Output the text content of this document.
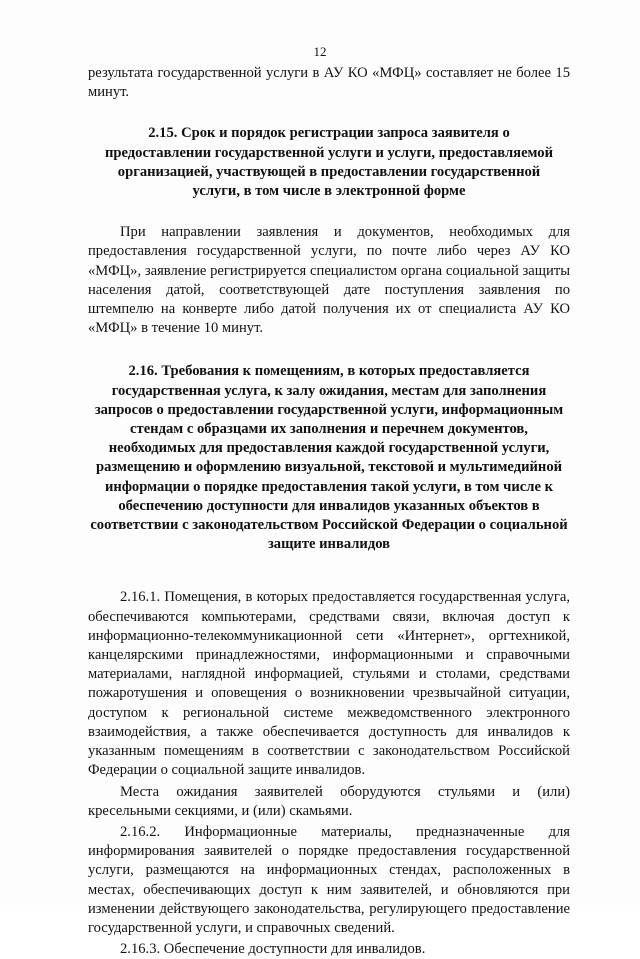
12

результата государственной услуги в АУ КО «МФЦ» составляет не более 15 минут.

2.15. Срок и порядок регистрации запроса заявителя о предоставлении государственной услуги и услуги, предоставляемой организацией, участвующей в предоставлении государственной услуги, в том числе в электронной форме

При направлении заявления и документов, необходимых для предоставления государственной услуги, по почте либо через АУ КО «МФЦ», заявление регистрируется специалистом органа социальной защиты населения датой, соответствующей дате поступления заявления по штемпелю на конверте либо датой получения их от специалиста АУ КО «МФЦ» в течение 10 минут.

2.16. Требования к помещениям, в которых предоставляется государственная услуга, к залу ожидания, местам для заполнения запросов о предоставлении государственной услуги, информационным стендам с образцами их заполнения и перечнем документов, необходимых для предоставления каждой государственной услуги, размещению и оформлению визуальной, текстовой и мультимедийной информации о порядке предоставления такой услуги, в том числе к обеспечению доступности для инвалидов указанных объектов в соответствии с законодательством Российской Федерации о социальной защите инвалидов

2.16.1. Помещения, в которых предоставляется государственная услуга, обеспечиваются компьютерами, средствами связи, включая доступ к информационно-телекоммуникационной сети «Интернет», оргтехникой, канцелярскими принадлежностями, информационными и справочными материалами, наглядной информацией, стульями и столами, средствами пожаротушения и оповещения о возникновении чрезвычайной ситуации, доступом к региональной системе межведомственного электронного взаимодействия, а также обеспечивается доступность для инвалидов к указанным помещениям в соответствии с законодательством Российской Федерации о социальной защите инвалидов.

Места ожидания заявителей оборудуются стульями и (или) кресельными секциями, и (или) скамьями.

2.16.2. Информационные материалы, предназначенные для информирования заявителей о порядке предоставления государственной услуги, размещаются на информационных стендах, расположенных в местах, обеспечивающих доступ к ним заявителей, и обновляются при изменении действующего законодательства, регулирующего предоставление государственной услуги, и справочных сведений.

2.16.3. Обеспечение доступности для инвалидов.
